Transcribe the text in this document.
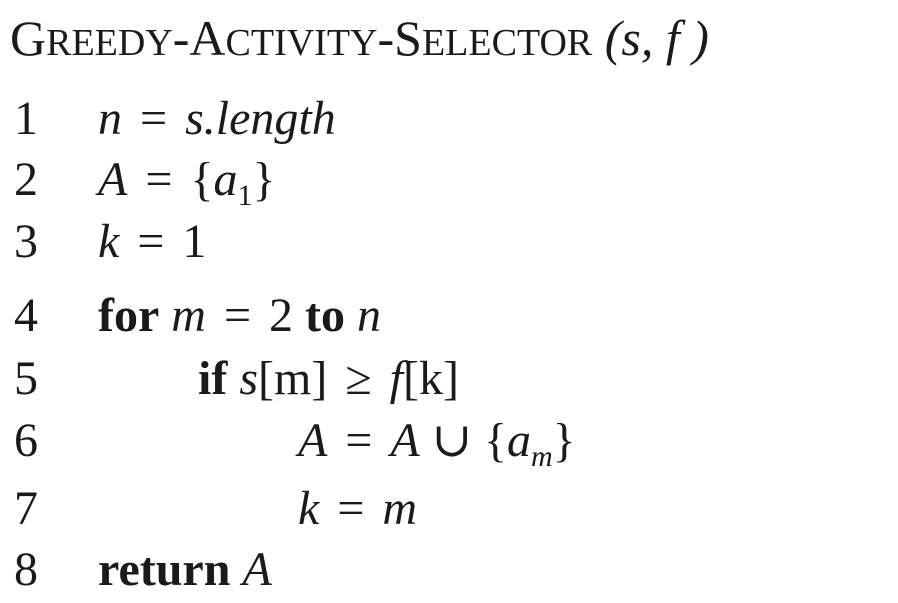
GREEDY-ACTIVITY-SELECTOR (s, f )
1	n = s.length
2	$A = \{a_1\}$
3	k = 1
4	for m = 2 to n
5	if s[m] ≥ f[k]
6	A = A ∪ $\{a_m\}$
7	k = m
8	return A
